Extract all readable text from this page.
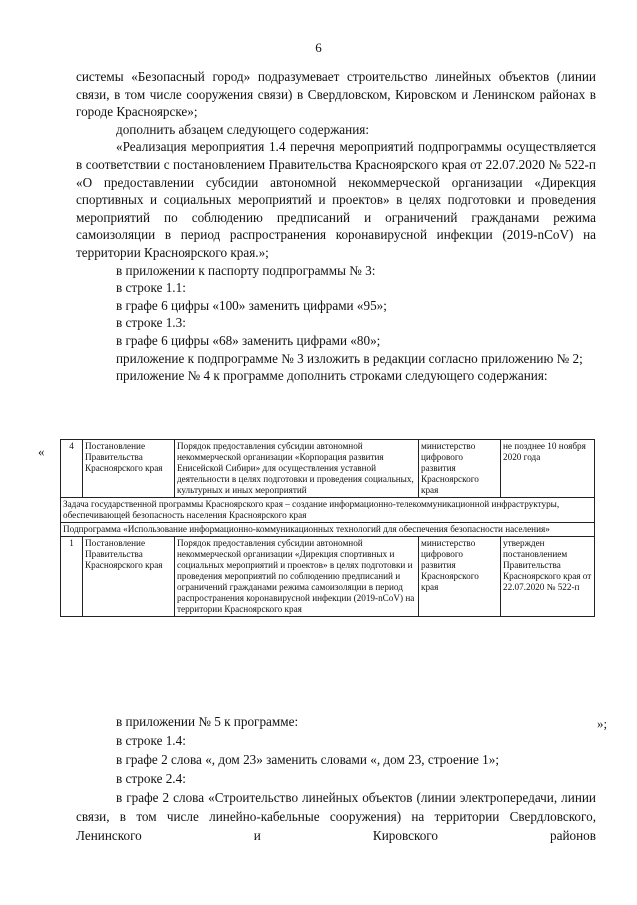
6

системы «Безопасный город» подразумевает строительство линейных объектов (линии связи, в том числе сооружения связи) в Свердловском, Кировском и Ленинском районах в городе Красноярске»;

дополнить абзацем следующего содержания:

«Реализация мероприятия 1.4 перечня мероприятий подпрограммы осуществляется в соответствии с постановлением Правительства Красноярского края от 22.07.2020 № 522-п «О предоставлении субсидии автономной некоммерческой организации «Дирекция спортивных и социальных мероприятий и проектов» в целях подготовки и проведения мероприятий по соблюдению предписаний и ограничений гражданами режима самоизоляции в период распространения коронавирусной инфекции (2019-nCoV) на территории Красноярского края.»;

в приложении к паспорту подпрограммы № 3:

в строке 1.1:

в графе 6 цифры «100» заменить цифрами «95»;

в строке 1.3:

в графе 6 цифры «68» заменить цифрами «80»;

приложение к подпрограмме № 3 изложить в редакции согласно приложению № 2;

приложение № 4 к программе дополнить строками следующего содержания:

«	4	Постановление Правительства Красноярского края	Порядок предоставления субсидии автономной некоммерческой организации «Корпорация развития Енисейской Сибири» для осуществления уставной деятельности в целях подготовки и проведения социальных, культурных и иных мероприятий	министерство цифрового развития Красноярского края	не позднее 10 ноября 2020 года
Задача государственной программы Красноярского края – создание информационно-телекоммуникационной инфраструктуры, обеспечивающей безопасность населения Красноярского края				
Подпрограмма «Использование информационно-коммуникационных технологий для обеспечения безопасности населения»				
1	Постановление Правительства Красноярского края	Порядок предоставления субсидии автономной некоммерческой организации «Дирекция спортивных и социальных мероприятий и проектов» в целях подготовки и проведения мероприятий по соблюдению предписаний и ограничений гражданами режима самоизоляции в период распространения коронавирусной инфекции (2019-nCoV) на территории Красноярского края	министерство цифрового развития Красноярского края	утвержден постановлением Правительства Красноярского края от 22.07.2020 № 522-п
»;

в приложении № 5 к программе:

в строке 1.4:

в графе 2 слова «, дом 23» заменить словами «, дом 23, строение 1»;

в строке 2.4:

в графе 2 слова «Строительство линейных объектов (линии электропередачи, линии связи, в том числе линейно-кабельные сооружения) на территории Свердловского, Ленинского и Кировского районов
